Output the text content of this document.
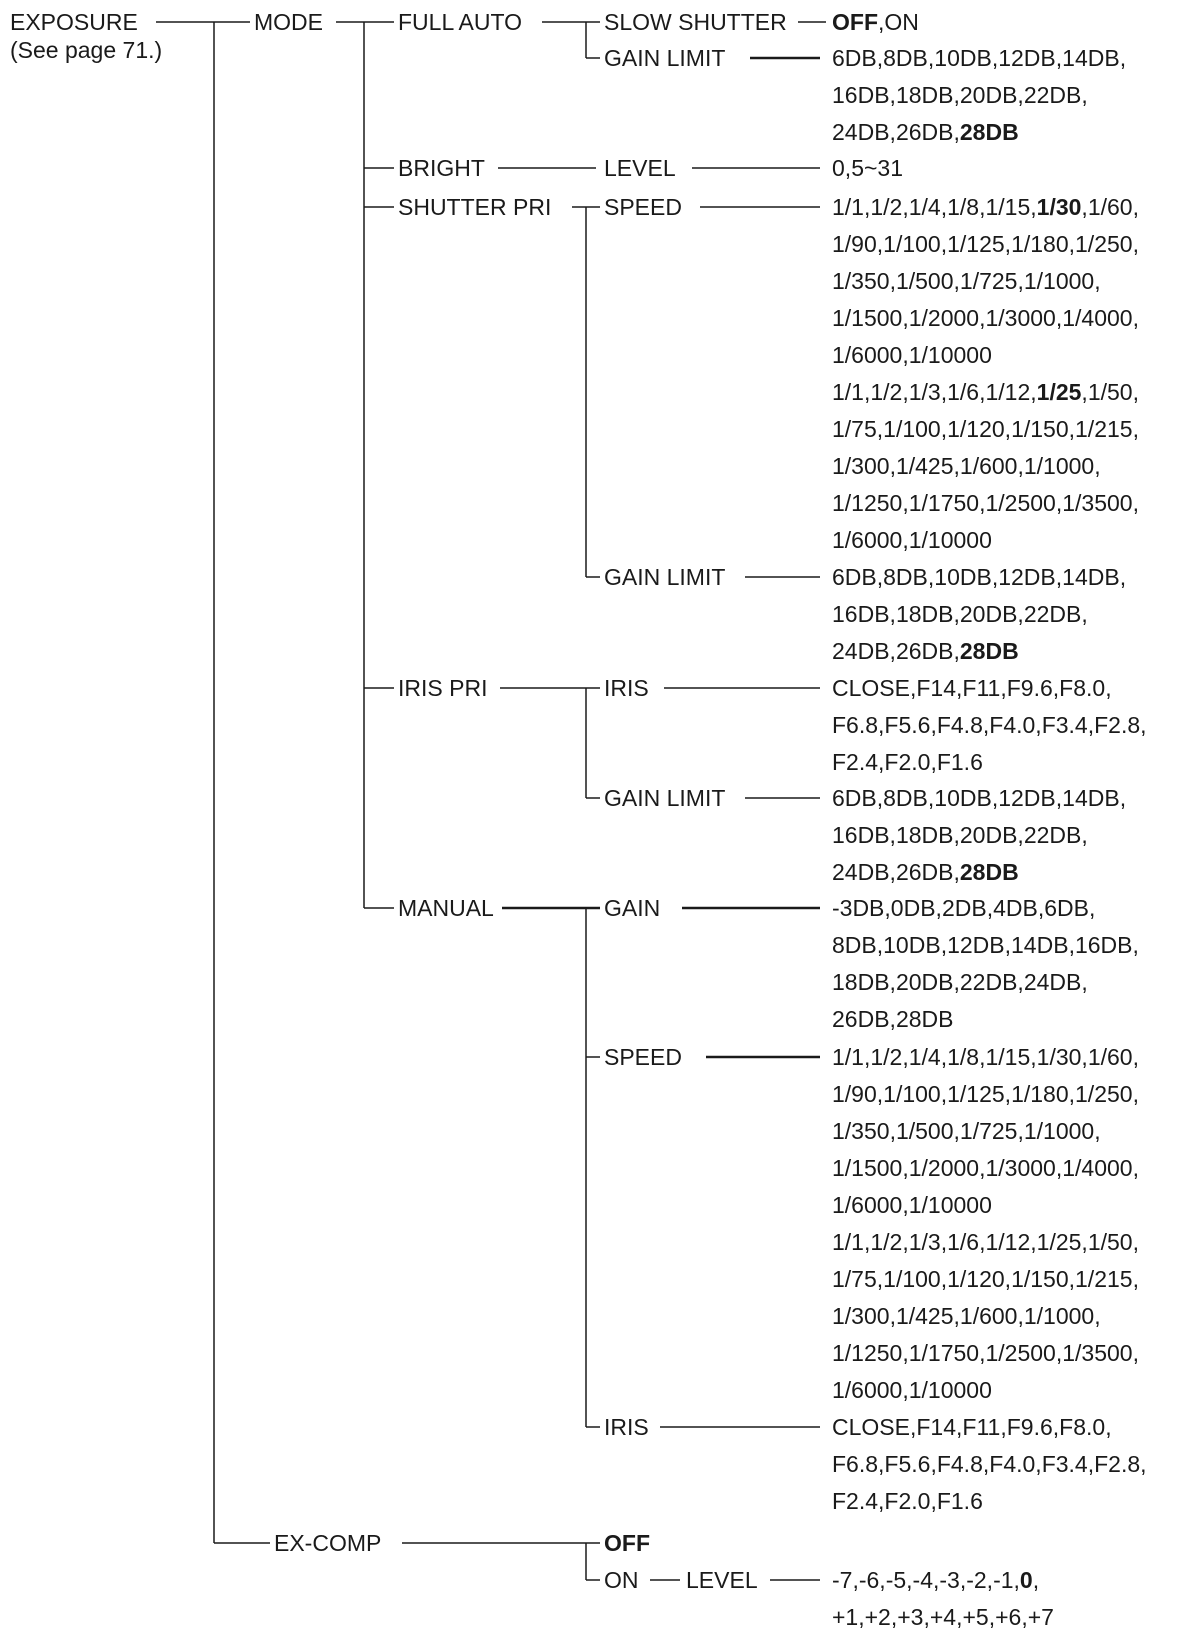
EXPOSURE
(See page 71.)
MODE
EX-COMP
FULL AUTO
BRIGHT
SHUTTER PRI
IRIS PRI
MANUAL
SLOW SHUTTER
GAIN LIMIT
LEVEL
SPEED
GAIN LIMIT
IRIS
GAIN LIMIT
GAIN
SPEED
IRIS
OFF
ON LEVEL
OFF,ON
6DB,8DB,10DB,12DB,14DB,
16DB,18DB,20DB,22DB,
24DB,26DB,28DB
0,5~31
1/1,1/2,1/4,1/8,1/15,1/30,1/60,
1/90,1/100,1/125,1/180,1/250,
1/350,1/500,1/725,1/1000,
1/1500,1/2000,1/3000,1/4000,
1/6000,1/10000
1/1,1/2,1/3,1/6,1/12,1/25,1/50,
1/75,1/100,1/120,1/150,1/215,
1/300,1/425,1/600,1/1000,
1/1250,1/1750,1/2500,1/3500,
1/6000,1/10000
6DB,8DB,10DB,12DB,14DB,
16DB,18DB,20DB,22DB,
24DB,26DB,28DB
CLOSE,F14,F11,F9.6,F8.0,
F6.8,F5.6,F4.8,F4.0,F3.4,F2.8,
F2.4,F2.0,F1.6
6DB,8DB,10DB,12DB,14DB,
16DB,18DB,20DB,22DB,
24DB,26DB,28DB
-3DB,0DB,2DB,4DB,6DB,
8DB,10DB,12DB,14DB,16DB,
18DB,20DB,22DB,24DB,
26DB,28DB
1/1,1/2,1/4,1/8,1/15,1/30,1/60,
1/90,1/100,1/125,1/180,1/250,
1/350,1/500,1/725,1/1000,
1/1500,1/2000,1/3000,1/4000,
1/6000,1/10000
1/1,1/2,1/3,1/6,1/12,1/25,1/50,
1/75,1/100,1/120,1/150,1/215,
1/300,1/425,1/600,1/1000,
1/1250,1/1750,1/2500,1/3500,
1/6000,1/10000
CLOSE,F14,F11,F9.6,F8.0,
F6.8,F5.6,F4.8,F4.0,F3.4,F2.8,
F2.4,F2.0,F1.6
-7,-6,-5,-4,-3,-2,-1,0,
+1,+2,+3,+4,+5,+6,+7
